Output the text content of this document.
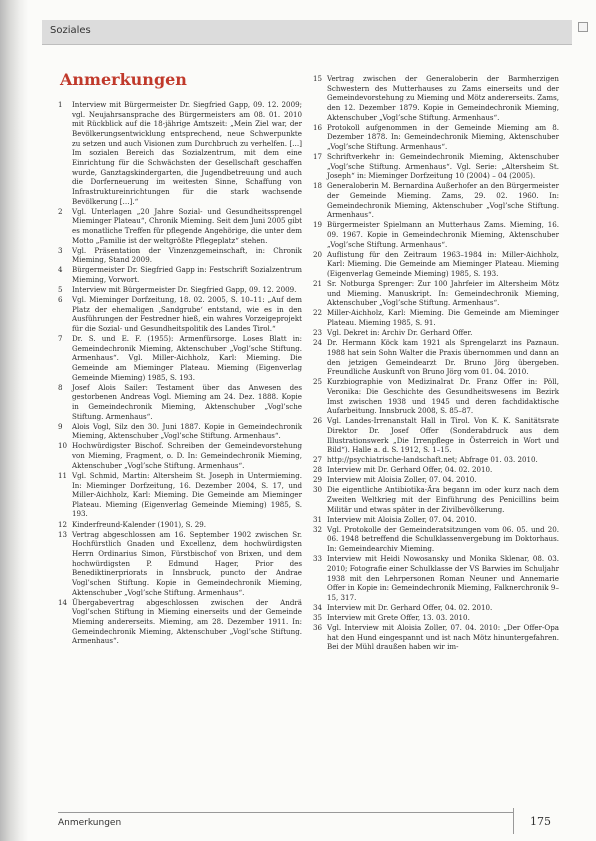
Soziales
Anmerkungen
1	Interview mit Bürgermeister Dr. Siegfried Gapp, 09. 12. 2009; vgl. Neujahrsansprache des Bürgermeisters am 08. 01. 2010 mit Rückblick auf die 18-jährige Amtszeit: „Mein Ziel war, der Bevölkerungsentwicklung entsprechend, neue Schwerpunkte zu setzen und auch Visionen zum Durchbruch zu verhelfen. […] Im sozialen Bereich das Sozialzentrum, mit dem eine Einrichtung für die Schwächsten der Gesellschaft geschaffen wurde, Ganztagskindergarten, die Jugendbetreuung und auch die Dorferneuerung im weitesten Sinne, Schaffung von Infrastruktureinrichtungen für die stark wachsende Bevölkerung […].“
2	Vgl. Unterlagen „20 Jahre Sozial- und Gesundheitssprengel Mieminger Plateau“, Chronik Mieming. Seit dem Juni 2005 gibt es monatliche Treffen für pflegende Angehörige, die unter dem Motto „Familie ist der weltgrößte Pflegeplatz“ stehen.
3	Vgl. Präsentation der Vinzenzgemeinschaft, in: Chronik Mieming, Stand 2009.
4	Bürgermeister Dr. Siegfried Gapp in: Festschrift Sozialzentrum Mieming, Vorwort.
5	Interview mit Bürgermeister Dr. Siegfried Gapp, 09. 12. 2009.
6	Vgl. Mieminger Dorfzeitung, 18. 02. 2005, S. 10–11: „Auf dem Platz der ehemaligen ‚Sandgrube‘ entstand, wie es in den Ausführungen der Festredner hieß, ein wahres Vorzeigeprojekt für die Sozial- und Gesundheitspolitik des Landes Tirol.“
7	Dr. S. und E. F. (1955): Armenfürsorge. Loses Blatt in: Gemeindechronik Mieming, Aktenschuber „Vogl’sche Stiftung. Armenhaus“. Vgl. Miller-Aichholz, Karl: Mieming. Die Gemeinde am Mieminger Plateau. Mieming (Eigenverlag Gemeinde Mieming) 1985, S. 193.
8	Josef Alois Sailer: Testament über das Anwesen des gestorbenen Andreas Vogl. Mieming am 24. Dez. 1888. Kopie in Gemeindechronik Mieming, Aktenschuber „Vogl’sche Stiftung. Armenhaus“.
9	Alois Vogl, Silz den 30. Juni 1887. Kopie in Gemeindechronik Mieming, Aktenschuber „Vogl’sche Stiftung. Armenhaus“.
10 Hochwürdigster Bischof. Schreiben der Gemeindevorstehung von Mieming, Fragment, o. D. In: Gemeindechronik Mieming, Aktenschuber „Vogl’sche Stiftung. Armenhaus“.
11 Vgl. Schmid, Martin: Altersheim St. Joseph in Untermieming. In: Mieminger Dorfzeitung, 16. Dezember 2004, S. 17, und Miller-Aichholz, Karl: Mieming. Die Gemeinde am Mieminger Plateau. Mieming (Eigenverlag Gemeinde Mieming) 1985, S. 193.
12 Kinderfreund-Kalender (1901), S. 29.
13 Vertrag abgeschlossen am 16. September 1902 zwischen Sr. Hochfürstlich Gnaden und Excellenz, dem hochwürdigsten Herrn Ordinarius Simon, Fürstbischof von Brixen, und dem hochwürdigsten P. Edmund Hager, Prior des Benediktinerpriorats in Innsbruck, puncto der Andrae Vogl’schen Stiftung. Kopie in Gemeindechronik Mieming, Aktenschuber „Vogl’sche Stiftung. Armenhaus“.
14 Übergabevertrag abgeschlossen zwischen der Andrä Vogl’schen Stiftung in Mieming einerseits und der Gemeinde Mieming andererseits. Mieming, am 28. Dezember 1911. In: Gemeindechronik Mieming, Aktenschuber „Vogl’sche Stiftung. Armenhaus“.
15 Vertrag zwischen der Generaloberin der Barmherzigen Schwestern des Mutterhauses zu Zams einerseits und der Gemeindevorstehung zu Mieming und Mötz andererseits. Zams, den 12. Dezember 1879. Kopie in Gemeindechronik Mieming, Aktenschuber „Vogl’sche Stiftung. Armenhaus“.
16 Protokoll aufgenommen in der Gemeinde Mieming am 8. Dezember 1878. In: Gemeindechronik Mieming, Aktenschuber „Vogl’sche Stiftung. Armenhaus“.
17 Schriftverkehr in: Gemeindechronik Mieming, Aktenschuber „Vogl’sche Stiftung. Armenhaus“. Vgl. Serie: „Altersheim St. Joseph“ in: Mieminger Dorfzeitung 10 (2004) – 04 (2005).
18 Generaloberin M. Bernardina Außerhofer an den Bürgermeister der Gemeinde Mieming. Zams, 29. 02. 1960. In: Gemeindechronik Mieming, Aktenschuber „Vogl’sche Stiftung. Armenhaus“.
19 Bürgermeister Spielmann an Mutterhaus Zams. Mieming, 16. 09. 1967. Kopie in Gemeindechronik Mieming, Aktenschuber „Vogl’sche Stiftung. Armenhaus“.
20 Auflistung für den Zeitraum 1963–1984 in: Miller-Aichholz, Karl: Mieming. Die Gemeinde am Mieminger Plateau. Mieming (Eigenverlag Gemeinde Mieming) 1985, S. 193.
21 Sr. Notburga Sprenger: Zur 100 Jahrfeier im Altersheim Mötz und Mieming. Manuskript. In: Gemeindechronik Mieming, Aktenschuber „Vogl’sche Stiftung. Armenhaus“.
22 Miller-Aichholz, Karl: Mieming. Die Gemeinde am Mieminger Plateau. Mieming 1985, S. 91.
23 Vgl. Dekret in: Archiv Dr. Gerhard Offer.
24 Dr. Hermann Köck kam 1921 als Sprengelarzt ins Paznaun. 1988 hat sein Sohn Walter die Praxis übernommen und dann an den jetzigen Gemeindearzt Dr. Bruno Jörg übergeben. Freundliche Auskunft von Bruno Jörg vom 01. 04. 2010.
25 Kurzbiographie von Medizinalrat Dr. Franz Offer in: Pöll, Veronika: Die Geschichte des Gesundheitswesens im Bezirk Imst zwischen 1938 und 1945 und deren fachdidaktische Aufarbeitung. Innsbruck 2008, S. 85–87.
26 Vgl. Landes-Irrenanstalt Hall in Tirol. Von K. K. Sanitätsrate Direktor Dr. Josef Offer (Sonderabdruck aus dem Illustrationswerk „Die Irrenpflege in Österreich in Wort und Bild“). Halle a. d. S. 1912, S. 1–15.
27 http://psychiatrische-landschaft.net; Abfrage 01. 03. 2010.
28 Interview mit Dr. Gerhard Offer, 04. 02. 2010.
29 Interview mit Aloisia Zoller, 07. 04. 2010.
30 Die eigentliche Antibiotika-Ära begann im oder kurz nach dem Zweiten Weltkrieg mit der Einführung des Penicillins beim Militär und etwas später in der Zivilbevölkerung.
31 Interview mit Aloisia Zoller, 07. 04. 2010.
32 Vgl. Protokolle der Gemeinderatsitzungen vom 06. 05. und 20. 06. 1948 betreffend die Schulklassenvergebung im Doktorhaus. In: Gemeindearchiv Mieming.
33 Interview mit Heidi Nowosansky und Monika Sklenar, 08. 03. 2010; Fotografie einer Schulklasse der VS Barwies im Schuljahr 1938 mit den Lehrpersonen Roman Neuner und Annemarie Offer in Kopie in: Gemeindechronik Mieming, Falknerchronik 9–15, 317.
34 Interview mit Dr. Gerhard Offer, 04. 02. 2010.
35 Interview mit Grete Offer, 13. 03. 2010.
36 Vgl. Interview mit Aloisia Zoller, 07. 04. 2010: „Der Offer-Opa hat den Hund eingespannt und ist nach Mötz hinuntergefahren. Bei der Mühl draußen haben wir im-
Anmerkungen	175
